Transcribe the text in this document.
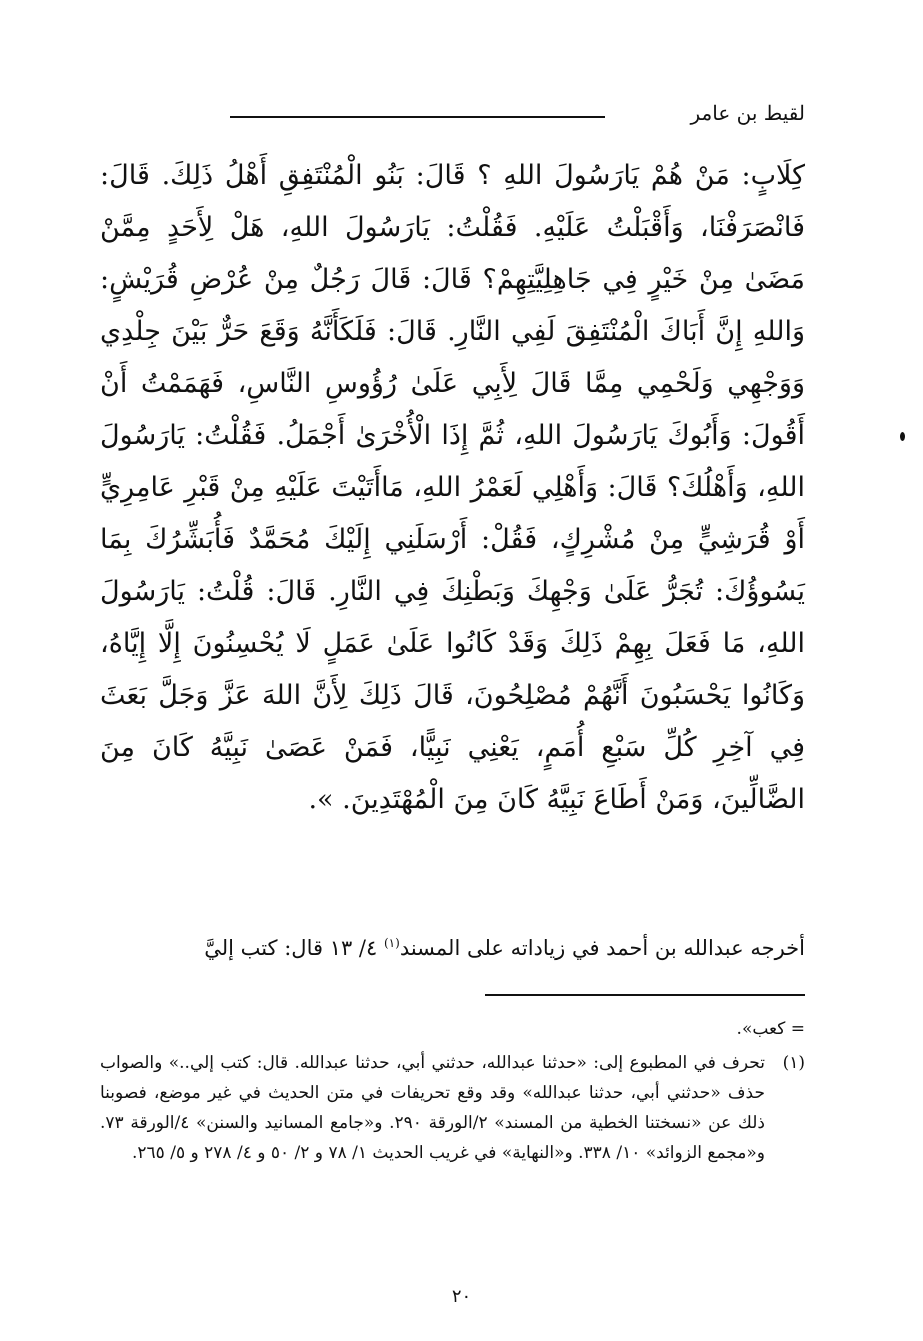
لقيط بن عامر

كِلَابٍ: مَنْ هُمْ يَارَسُولَ اللهِ ؟ قَالَ: بَنُو الْمُنْتَفِقِ أَهْلُ ذَلِكَ. قَالَ: فَانْصَرَفْنَا، وَأَقْبَلْتُ عَلَيْهِ. فَقُلْتُ: يَارَسُولَ اللهِ، هَلْ لِأَحَدٍ مِمَّنْ مَضَىٰ مِنْ خَيْرٍ فِي جَاهِلِيَّتِهِمْ؟ قَالَ: قَالَ رَجُلٌ مِنْ عُرْضِ قُرَيْشٍ: وَاللهِ إِنَّ أَبَاكَ الْمُنْتَفِقَ لَفِي النَّارِ. قَالَ: فَلَكَأَنَّهُ وَقَعَ حَرٌّ بَيْنَ جِلْدِي وَوَجْهِي وَلَحْمِي مِمَّا قَالَ لِأَبِي عَلَىٰ رُؤُوسِ النَّاسِ، فَهَمَمْتُ أَنْ أَقُولَ: وَأَبُوكَ يَارَسُولَ اللهِ، ثُمَّ إِذَا الْأُخْرَىٰ أَجْمَلُ. فَقُلْتُ: يَارَسُولَ اللهِ، وَأَهْلُكَ؟ قَالَ: وَأَهْلِي لَعَمْرُ اللهِ، مَاأَتَيْتَ عَلَيْهِ مِنْ قَبْرِ عَامِرِيٍّ أَوْ قُرَشِيٍّ مِنْ مُشْرِكٍ، فَقُلْ: أَرْسَلَنِي إِلَيْكَ مُحَمَّدٌ فَأُبَشِّرُكَ بِمَا يَسُوؤُكَ: تُجَرُّ عَلَىٰ وَجْهِكَ وَبَطْنِكَ فِي النَّارِ. قَالَ: قُلْتُ: يَارَسُولَ اللهِ، مَا فَعَلَ بِهِمْ ذَلِكَ وَقَدْ كَانُوا عَلَىٰ عَمَلٍ لَا يُحْسِنُونَ إِلَّا إِيَّاهُ، وَكَانُوا يَحْسَبُونَ أَنَّهُمْ مُصْلِحُونَ، قَالَ ذَلِكَ لِأَنَّ اللهَ عَزَّ وَجَلَّ بَعَثَ فِي آخِرِ كُلِّ سَبْعِ أُمَمٍ، يَعْنِي نَبِيًّا، فَمَنْ عَصَىٰ نَبِيَّهُ كَانَ مِنَ الضَّالِّينَ، وَمَنْ أَطَاعَ نَبِيَّهُ كَانَ مِنَ الْمُهْتَدِينَ. ».

أخرجه عبدالله بن أحمد في زياداته على المسند$^{(١)}$ ٤/ ١٣ قال: كتب إليَّ

= كعب».

(١)
تحرف في المطبوع إلى: «حدثنا عبدالله، حدثني أبي، حدثنا عبدالله. قال: كتب إلي..» والصواب حذف «حدثني أبي، حدثنا عبدالله» وقد وقع تحريفات في متن الحديث في غير موضع، فصوبنا ذلك عن «نسختنا الخطية من المسند» ٢/الورقة ٢٩٠. و«جامع المسانيد والسنن» ٤/الورقة ٧٣. و«مجمع الزوائد» ١٠/ ٣٣٨. و«النهاية» في غريب الحديث ١/ ٧٨ و ٢/ ٥٠ و ٤/ ٢٧٨ و ٥/ ٢٦٥.
٢٠
